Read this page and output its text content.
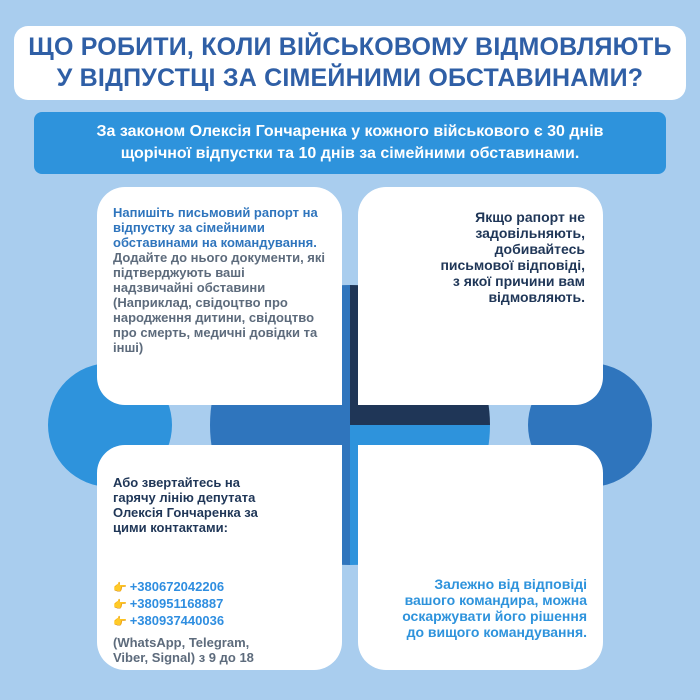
ЩО РОБИТИ, КОЛИ ВІЙСЬКОВОМУ ВІДМОВЛЯЮТЬ
У ВІДПУСТЦІ ЗА СІМЕЙНИМИ ОБСТАВИНАМИ?

За законом Олексія Гончаренка у кожного військового є 30 днів
щорічної відпустки та 10 днів за сімейними обставинами.

Напишіть письмовий рапорт на відпустку за сімейними обставинами на командування. Додайте до нього документи, які підтверджують ваші надзвичайні обставини (Наприклад, свідоцтво про народження дитини, свідоцтво про смерть, медичні довідки та інші)
Якщо рапорт не задовільняють, добивайтесь письмової відповіді, з якої причини вам відмовляють.
Залежно від відповіді вашого командира, можна оскаржувати його рішення до вищого командування.
Або звертайтесь на гарячу лінію депутата Олексія Гончаренка за цими контактами:
👉 +380672042206
👉 +380951168887
👉 +380937440036
(WhatsApp, Telegram, Viber, Signal) з 9 до 18
1	2
3
4
